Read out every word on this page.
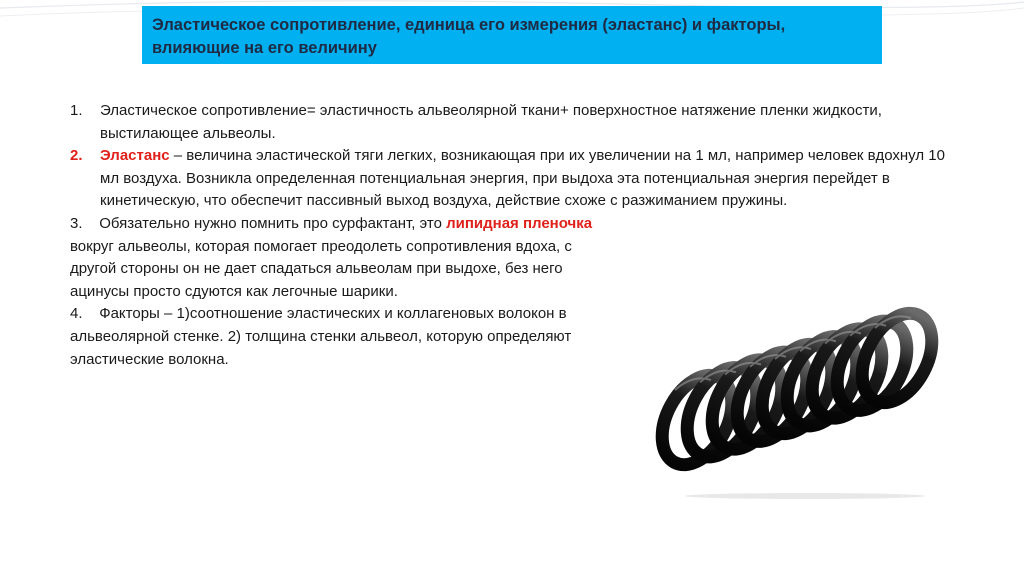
Эластическое сопротивление, единица его измерения (эластанс) и факторы,
влияющие на его величину
1.	Эластическое сопротивление= эластичность альвеолярной ткани+ поверхностное натяжение пленки жидкости, выстилающее альвеолы.

2.	Эластанс – величина эластической тяги легких, возникающая при их увеличении на 1 мл, например человек вдохнул 10 мл воздуха. Возникла определенная потенциальная энергия, при выдоха эта потенциальная энергия перейдет в кинетическую, что обеспечит пассивный выход воздуха, действие схоже с разжиманием пружины.

3. Обязательно нужно помнить про сурфактант, это липидная пленочка вокруг альвеолы, которая помогает преодолеть сопротивления вдоха, с другой стороны он не дает спадаться альвеолам при выдохе, без него ацинусы просто сдуются как легочные шарики.

4. Факторы – 1)соотношение эластических и коллагеновых волокон в альвеолярной стенке. 2) толщина стенки альвеол, которую определяют эластические волокна.
